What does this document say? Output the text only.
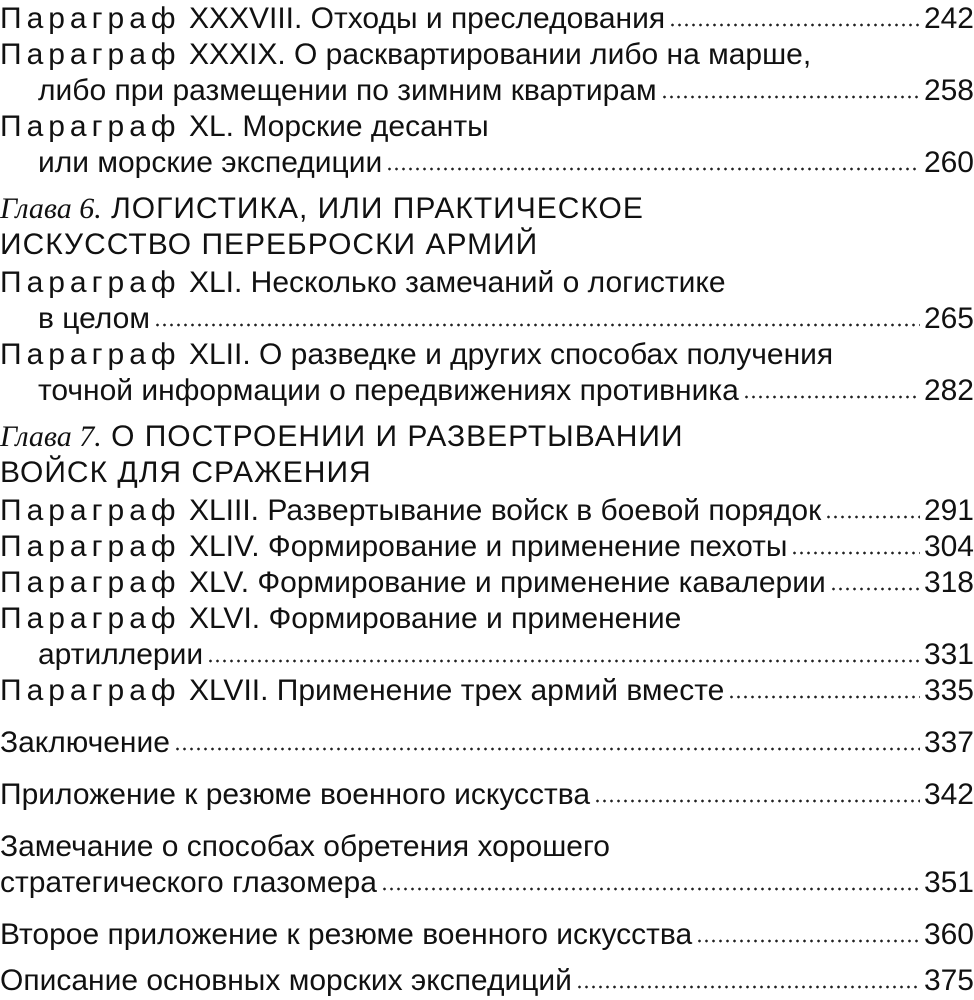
Параграф XXXVIII. Отходы и преследования	242
Параграф XXXIX. О расквартировании либо на марше,
либо при размещении по зимним квартирам	258
Параграф XL. Морские десанты
или морские экспедиции	260
Глава 6. ЛОГИСТИКА, ИЛИ ПРАКТИЧЕСКОЕ
ИСКУССТВО ПЕРЕБРОСКИ АРМИЙ
Параграф XLI. Несколько замечаний о логистике
в целом	265
Параграф XLII. О разведке и других способах получения
точной информации о передвижениях противника	282
Глава 7. О ПОСТРОЕНИИ И РАЗВЕРТЫВАНИИ
ВОЙСК ДЛЯ СРАЖЕНИЯ
Параграф XLIII. Развертывание войск в боевой порядок	291
Параграф XLIV. Формирование и применение пехоты	304
Параграф XLV. Формирование и применение кавалерии	318
Параграф XLVI. Формирование и применение
артиллерии	331
Параграф XLVII. Применение трех армий вместе	335
Заключение	337
Приложение к резюме военного искусства	342
Замечание о способах обретения хорошего
стратегического глазомера	351
Второе приложение к резюме военного искусства	360
Описание основных морских экспедиций	375
